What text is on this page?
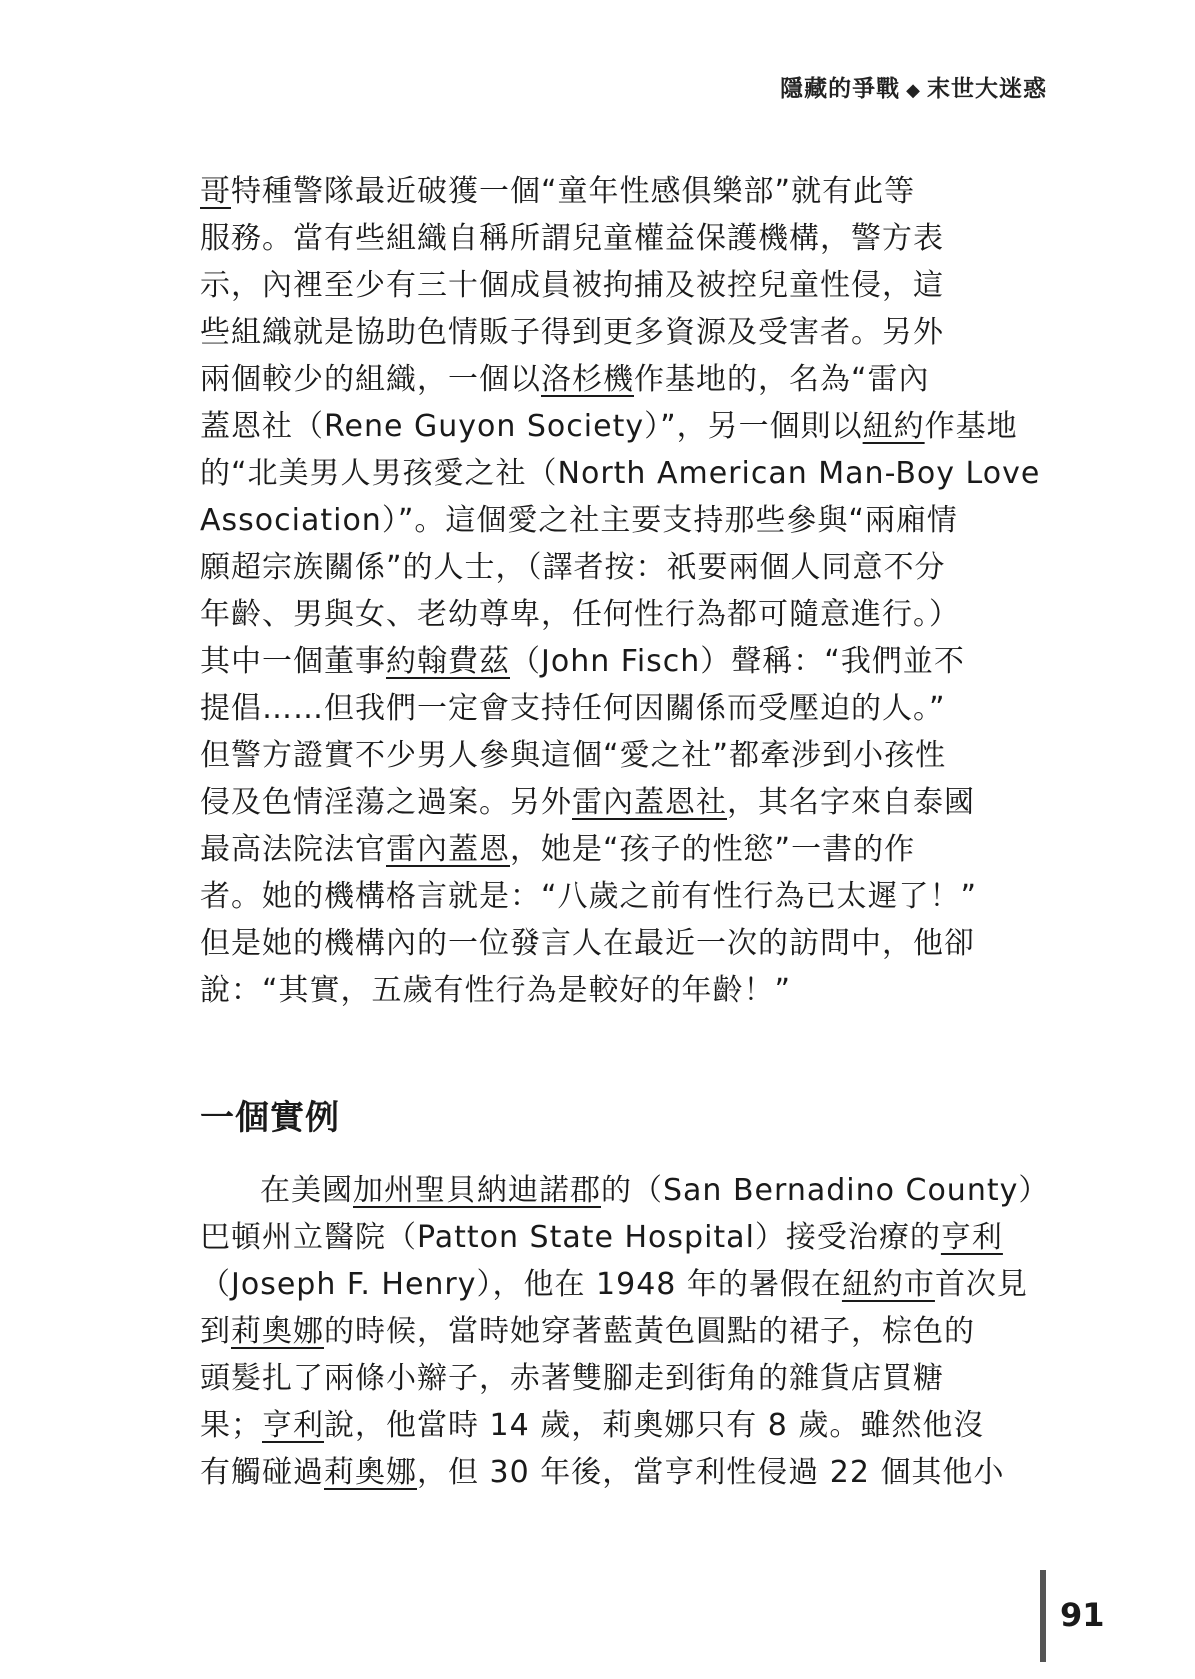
隱藏的爭戰 ◆ 末世大迷惑
哥特種警隊最近破獲一個“童年性感俱樂部”就有此等
服務。當有些組織自稱所謂兒童權益保護機構，警方表
示，內裡至少有三十個成員被拘捕及被控兒童性侵，這
些組織就是協助色情販子得到更多資源及受害者。另外
兩個較少的組織，一個以洛杉機作基地的，名為“雷內
蓋恩社（Rene Guyon Society）”，另一個則以紐約作基地
的“北美男人男孩愛之社（North American Man-Boy Love
Association）”。這個愛之社主要支持那些參與“兩廂情
願超宗族關係”的人士，（譯者按：祇要兩個人同意不分
年齡、男與女、老幼尊卑，任何性行為都可隨意進行。）
其中一個董事約翰費茲（John Fisch）聲稱：“我們並不
提倡……但我們一定會支持任何因關係而受壓迫的人。”
但警方證實不少男人參與這個“愛之社”都牽涉到小孩性
侵及色情淫蕩之過案。另外雷內蓋恩社，其名字來自泰國
最高法院法官雷內蓋恩，她是“孩子的性慾”一書的作
者。她的機構格言就是：“八歲之前有性行為已太遲了！”
但是她的機構內的一位發言人在最近一次的訪問中，他卻
說：“其實，五歲有性行為是較好的年齡！”
一個實例
在美國加州聖貝納迪諾郡的（San Bernadino County）
巴頓州立醫院（Patton State Hospital）接受治療的亨利
（Joseph F. Henry），他在 1948 年的暑假在紐約市首次見
到莉奧娜的時候，當時她穿著藍黃色圓點的裙子，棕色的
頭髮扎了兩條小辮子，赤著雙腳走到街角的雜貨店買糖
果；亨利說，他當時 14 歲，莉奧娜只有 8 歲。雖然他沒
有觸碰過莉奧娜，但 30 年後，當亨利性侵過 22 個其他小
91
